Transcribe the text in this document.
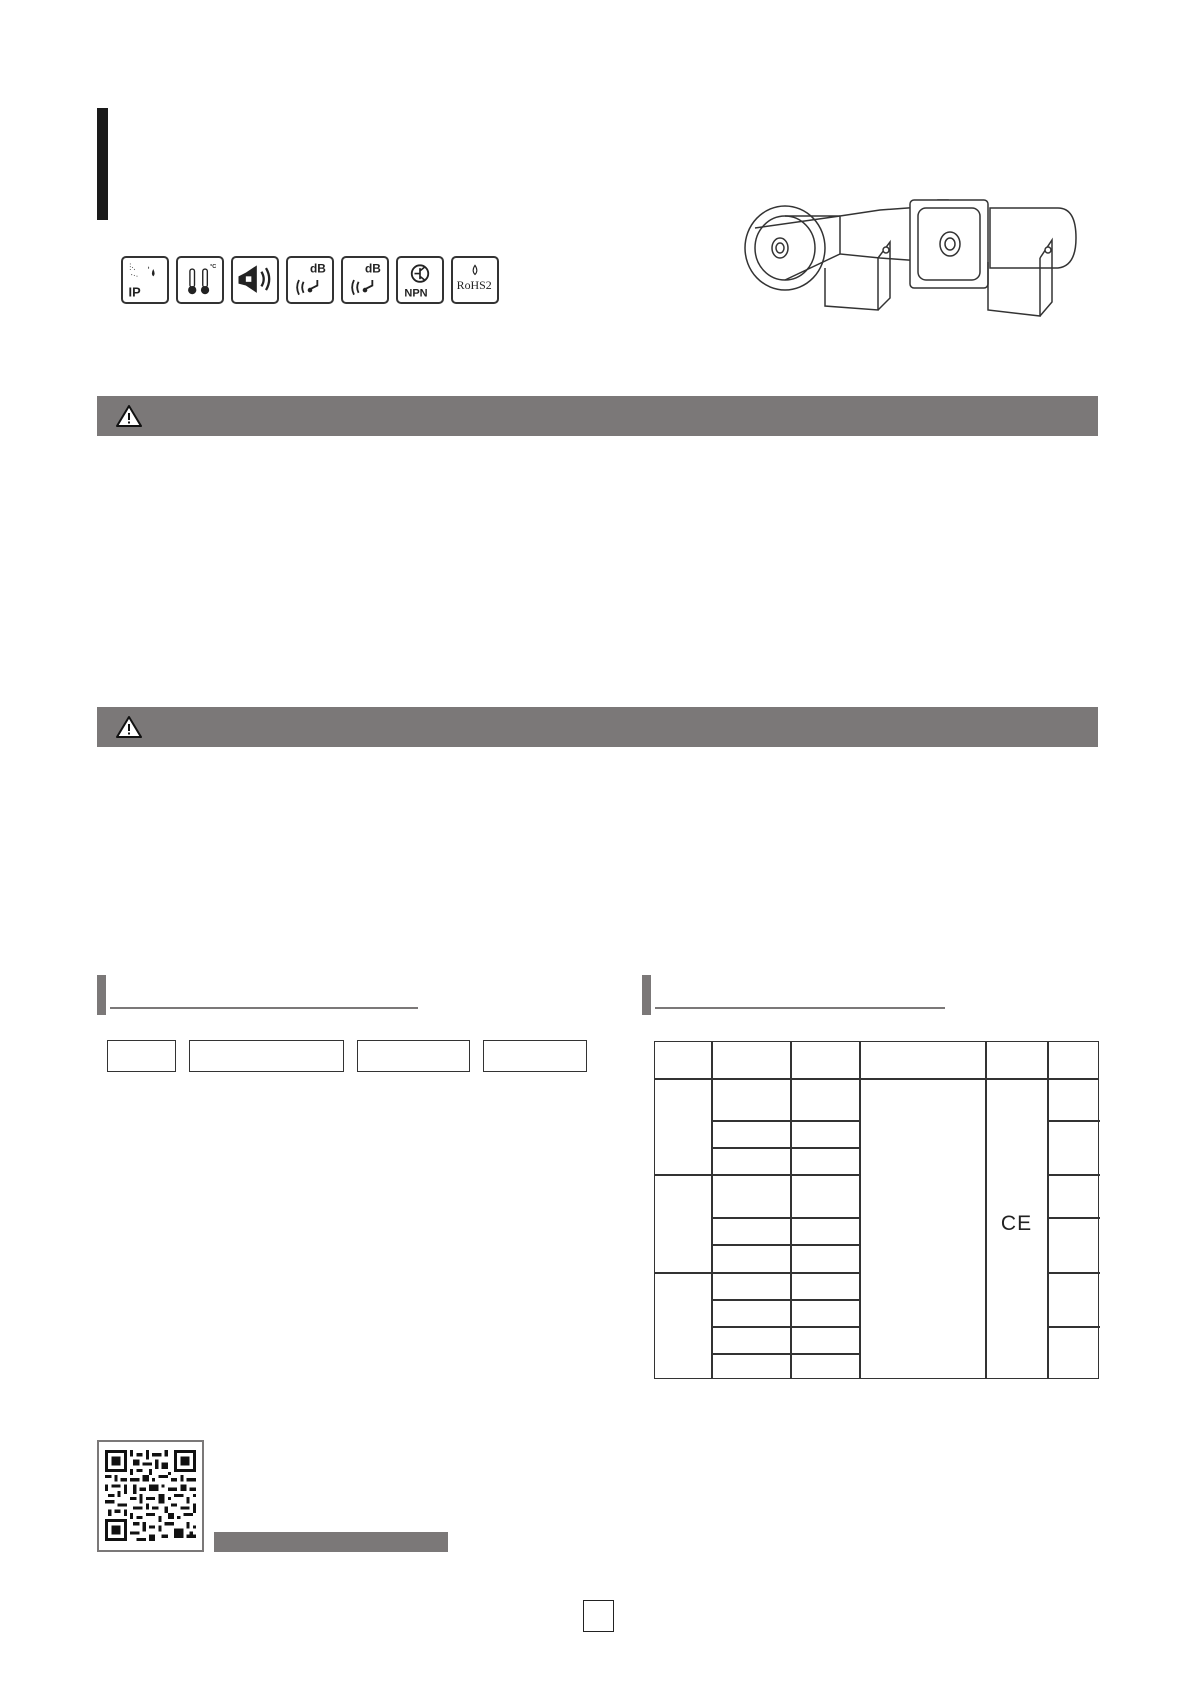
IP
°C	dB	dB
NPN
RoHS2
CE
